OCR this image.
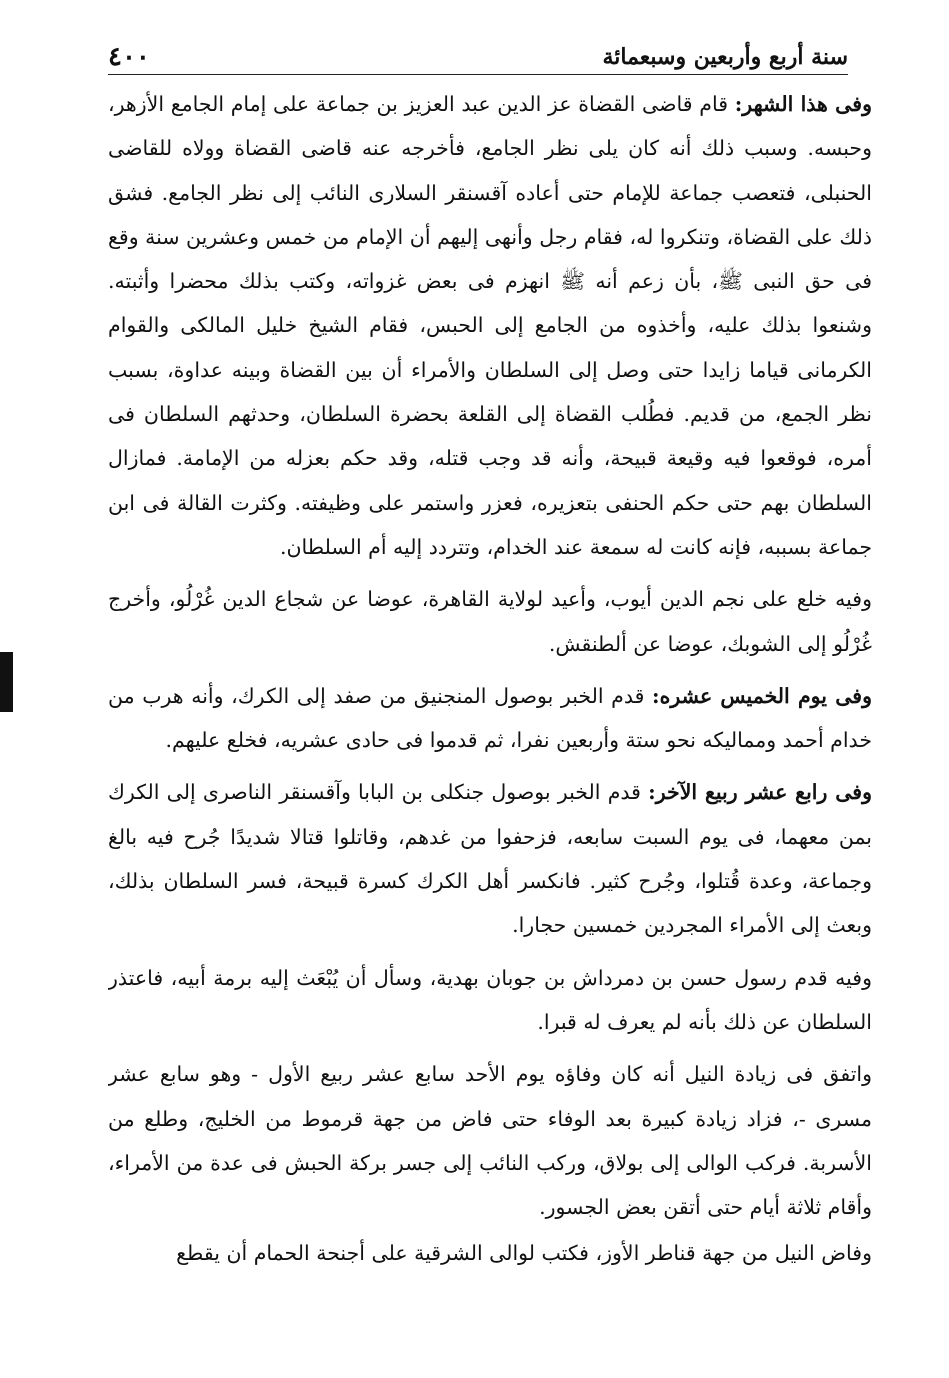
سنة أربع وأربعين وسبعمائة
٤٠٠

وفى هذا الشهر: قام قاضى القضاة عز الدين عبد العزيز بن جماعة على إمام الجامع الأزهر، وحبسه. وسبب ذلك أنه كان يلى نظر الجامع، فأخرجه عنه قاضى القضاة وولاه للقاضى الحنبلى، فتعصب جماعة للإمام حتى أعاده آقسنقر السلارى النائب إلى نظر الجامع. فشق ذلك على القضاة، وتنكروا له، فقام رجل وأنهى إليهم أن الإمام من خمس وعشرين سنة وقع فى حق النبى ﷺ، بأن زعم أنه ﷺ انهزم فى بعض غزواته، وكتب بذلك محضرا وأثبته. وشنعوا بذلك عليه، وأخذوه من الجامع إلى الحبس، فقام الشيخ خليل المالكى والقوام الكرمانى قياما زايدا حتى وصل إلى السلطان والأمراء أن بين القضاة وبينه عداوة، بسبب نظر الجمع، من قديم. فطُلب القضاة إلى القلعة بحضرة السلطان، وحدثهم السلطان فى أمره، فوقعوا فيه وقيعة قبيحة، وأنه قد وجب قتله، وقد حكم بعزله من الإمامة. فمازال السلطان بهم حتى حكم الحنفى بتعزيره، فعزر واستمر على وظيفته. وكثرت القالة فى ابن جماعة بسببه، فإنه كانت له سمعة عند الخدام، وتتردد إليه أم السلطان.

وفيه خلع على نجم الدين أيوب، وأعيد لولاية القاهرة، عوضا عن شجاع الدين غُرْلُو، وأخرج غُرْلُو إلى الشوبك، عوضا عن ألطنقش.

وفى يوم الخميس عشره: قدم الخبر بوصول المنجنيق من صفد إلى الكرك، وأنه هرب من خدام أحمد ومماليكه نحو ستة وأربعين نفرا، ثم قدموا فى حادى عشريه، فخلع عليهم.

وفى رابع عشر ربيع الآخر: قدم الخبر بوصول جنكلى بن البابا وآقسنقر الناصرى إلى الكرك بمن معهما، فى يوم السبت سابعه، فزحفوا من غدهم، وقاتلوا قتالا شديدًا جُرح فيه بالغ وجماعة، وعدة قُتلوا، وجُرح كثير. فانكسر أهل الكرك كسرة قبيحة، فسر السلطان بذلك، وبعث إلى الأمراء المجردين خمسين حجارا.

وفيه قدم رسول حسن بن دمرداش بن جوبان بهدية، وسأل أن يُبْعَث إليه برمة أبيه، فاعتذر السلطان عن ذلك بأنه لم يعرف له قبرا.

واتفق فى زيادة النيل أنه كان وفاؤه يوم الأحد سابع عشر ربيع الأول - وهو سابع عشر مسرى -، فزاد زيادة كبيرة بعد الوفاء حتى فاض من جهة قرموط من الخليج، وطلع من الأسربة. فركب الوالى إلى بولاق، وركب النائب إلى جسر بركة الحبش فى عدة من الأمراء، وأقام ثلاثة أيام حتى أتقن بعض الجسور.

وفاض النيل من جهة قناطر الأوز، فكتب لوالى الشرقية على أجنحة الحمام أن يقطع
